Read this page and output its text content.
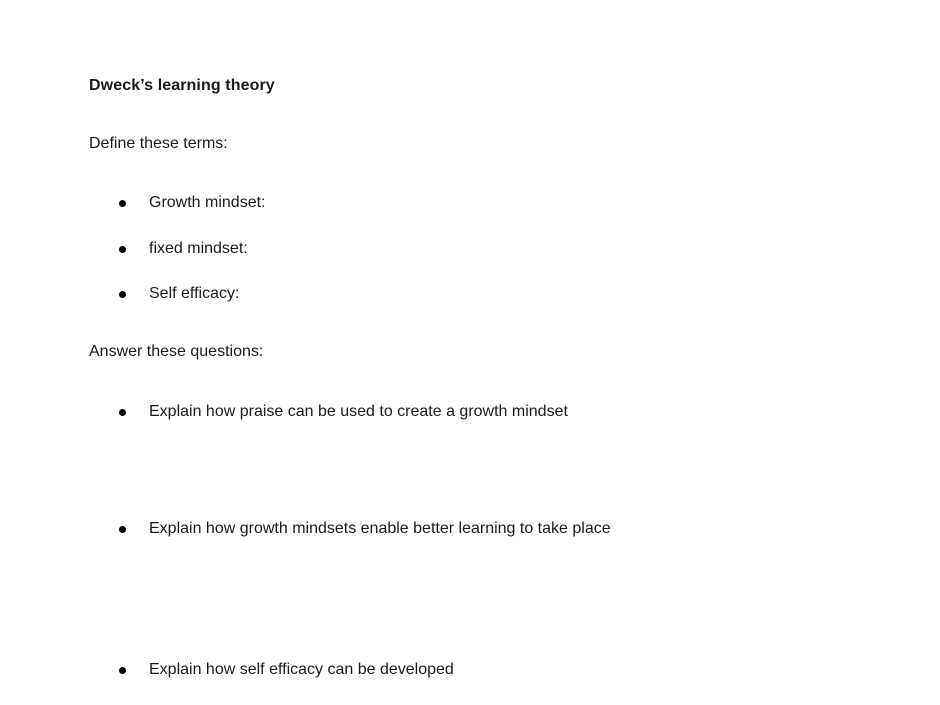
Dweck’s learning theory

Define these terms:

Growth mindset:
fixed mindset:
Self efficacy:

Answer these questions:

Explain how praise can be used to create a growth mindset
Explain how growth mindsets enable better learning to take place
Explain how self efficacy can be developed
